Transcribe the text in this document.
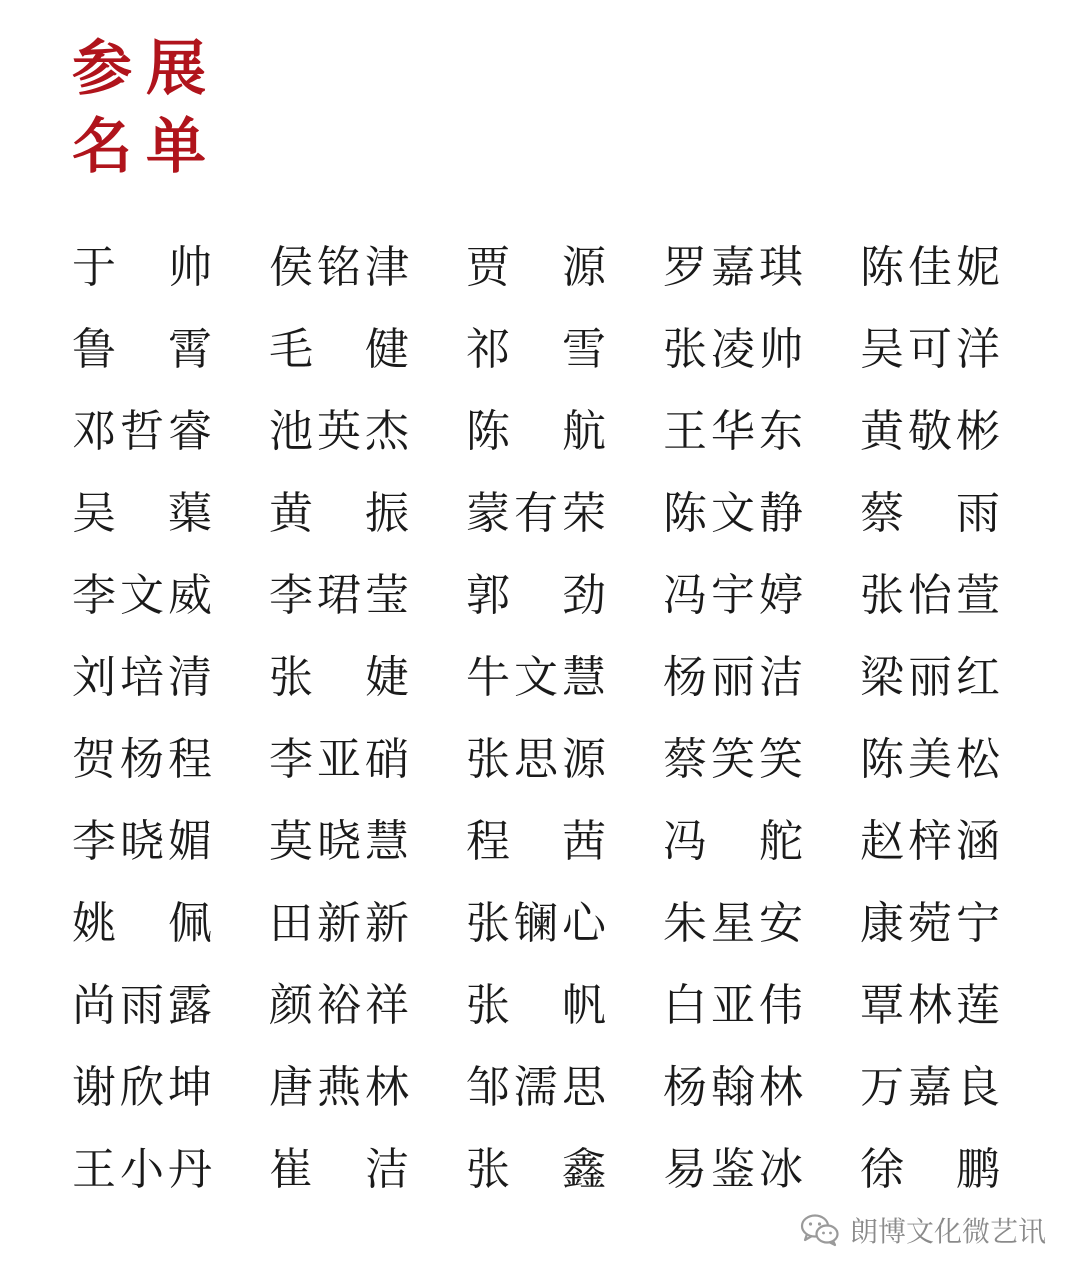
参展
名单
于 帅 侯 铭 津 贾 源 罗 嘉 琪 陈 佳 妮
鲁 霄 毛 健 祁 雪 张 凌 帅 吴 可 洋
邓 哲 睿 池 英 杰 陈 航 王 华 东 黄 敬 彬
吴 蕖 黄 振 蒙 有 荣 陈 文 静 蔡 雨
李 文 威 李 珺 莹 郭 劲 冯 宇 婷 张 怡 萱
刘 培 清 张 婕 牛 文 慧 杨 丽 洁 梁 丽 红
贺 杨 程 李 亚 硝 张 思 源 蔡 笑 笑 陈 美 松
李 晓 媚 莫 晓 慧 程 茜 冯 舵 赵 梓 涵
姚 佩 田 新 新 张 镧 心 朱 星 安 康 菀 宁
尚 雨 露 颜 裕 祥 张 帆 白 亚 伟 覃 林 莲
谢 欣 坤 唐 燕 林 邹 濡 思 杨 翰 林 万 嘉 良
王 小 丹 崔 洁 张 鑫 易 鉴 冰 徐 鹏
朗博文化微艺讯
